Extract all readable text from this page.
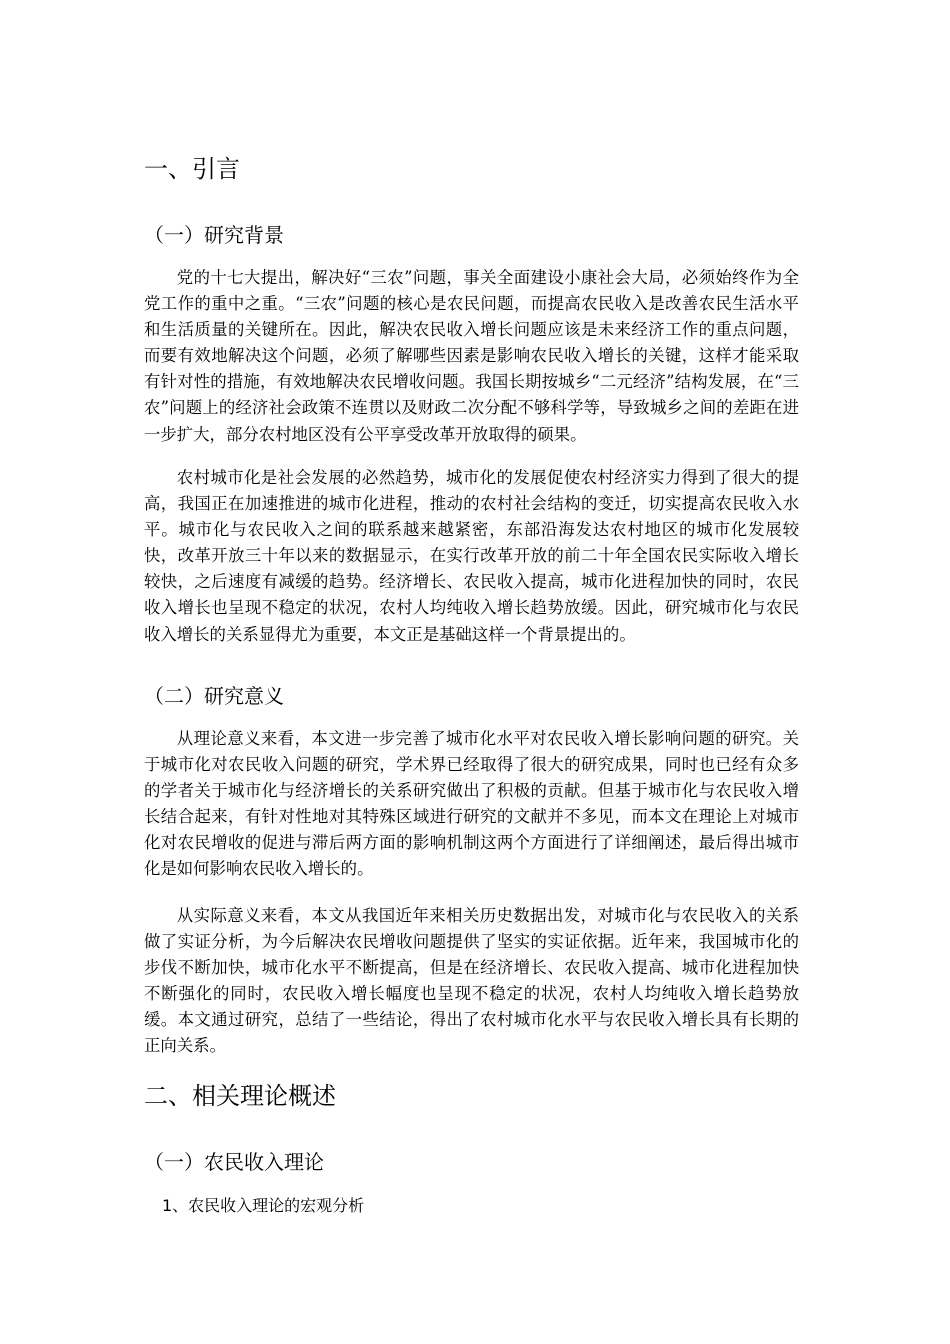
一、引言
（一）研究背景

党的十七大提出，解决好“三农”问题，事关全面建设小康社会大局，必须始终作为全党工作的重中之重。“三农”问题的核心是农民问题，而提高农民收入是改善农民生活水平和生活质量的关键所在。因此，解决农民收入增长问题应该是未来经济工作的重点问题，而要有效地解决这个问题，必须了解哪些因素是影响农民收入增长的关键，这样才能采取有针对性的措施，有效地解决农民增收问题。我国长期按城乡“二元经济”结构发展，在“三农”问题上的经济社会政策不连贯以及财政二次分配不够科学等，导致城乡之间的差距在进一步扩大，部分农村地区没有公平享受改革开放取得的硕果。

农村城市化是社会发展的必然趋势，城市化的发展促使农村经济实力得到了很大的提高，我国正在加速推进的城市化进程，推动的农村社会结构的变迁，切实提高农民收入水平。城市化与农民收入之间的联系越来越紧密，东部沿海发达农村地区的城市化发展较快，改革开放三十年以来的数据显示，在实行改革开放的前二十年全国农民实际收入增长较快，之后速度有减缓的趋势。经济增长、农民收入提高，城市化进程加快的同时，农民收入增长也呈现不稳定的状况，农村人均纯收入增长趋势放缓。因此，研究城市化与农民收入增长的关系显得尤为重要，本文正是基础这样一个背景提出的。

（二）研究意义

从理论意义来看，本文进一步完善了城市化水平对农民收入增长影响问题的研究。关于城市化对农民收入问题的研究，学术界已经取得了很大的研究成果，同时也已经有众多的学者关于城市化与经济增长的关系研究做出了积极的贡献。但基于城市化与农民收入增长结合起来，有针对性地对其特殊区域进行研究的文献并不多见，而本文在理论上对城市化对农民增收的促进与滞后两方面的影响机制这两个方面进行了详细阐述，最后得出城市化是如何影响农民收入增长的。

从实际意义来看，本文从我国近年来相关历史数据出发，对城市化与农民收入的关系做了实证分析，为今后解决农民增收问题提供了坚实的实证依据。近年来，我国城市化的步伐不断加快，城市化水平不断提高，但是在经济增长、农民收入提高、城市化进程加快不断强化的同时，农民收入增长幅度也呈现不稳定的状况，农村人均纯收入增长趋势放缓。本文通过研究，总结了一些结论，得出了农村城市化水平与农民收入增长具有长期的正向关系。

二、相关理论概述
（一）农民收入理论
1、农民收入理论的宏观分析
